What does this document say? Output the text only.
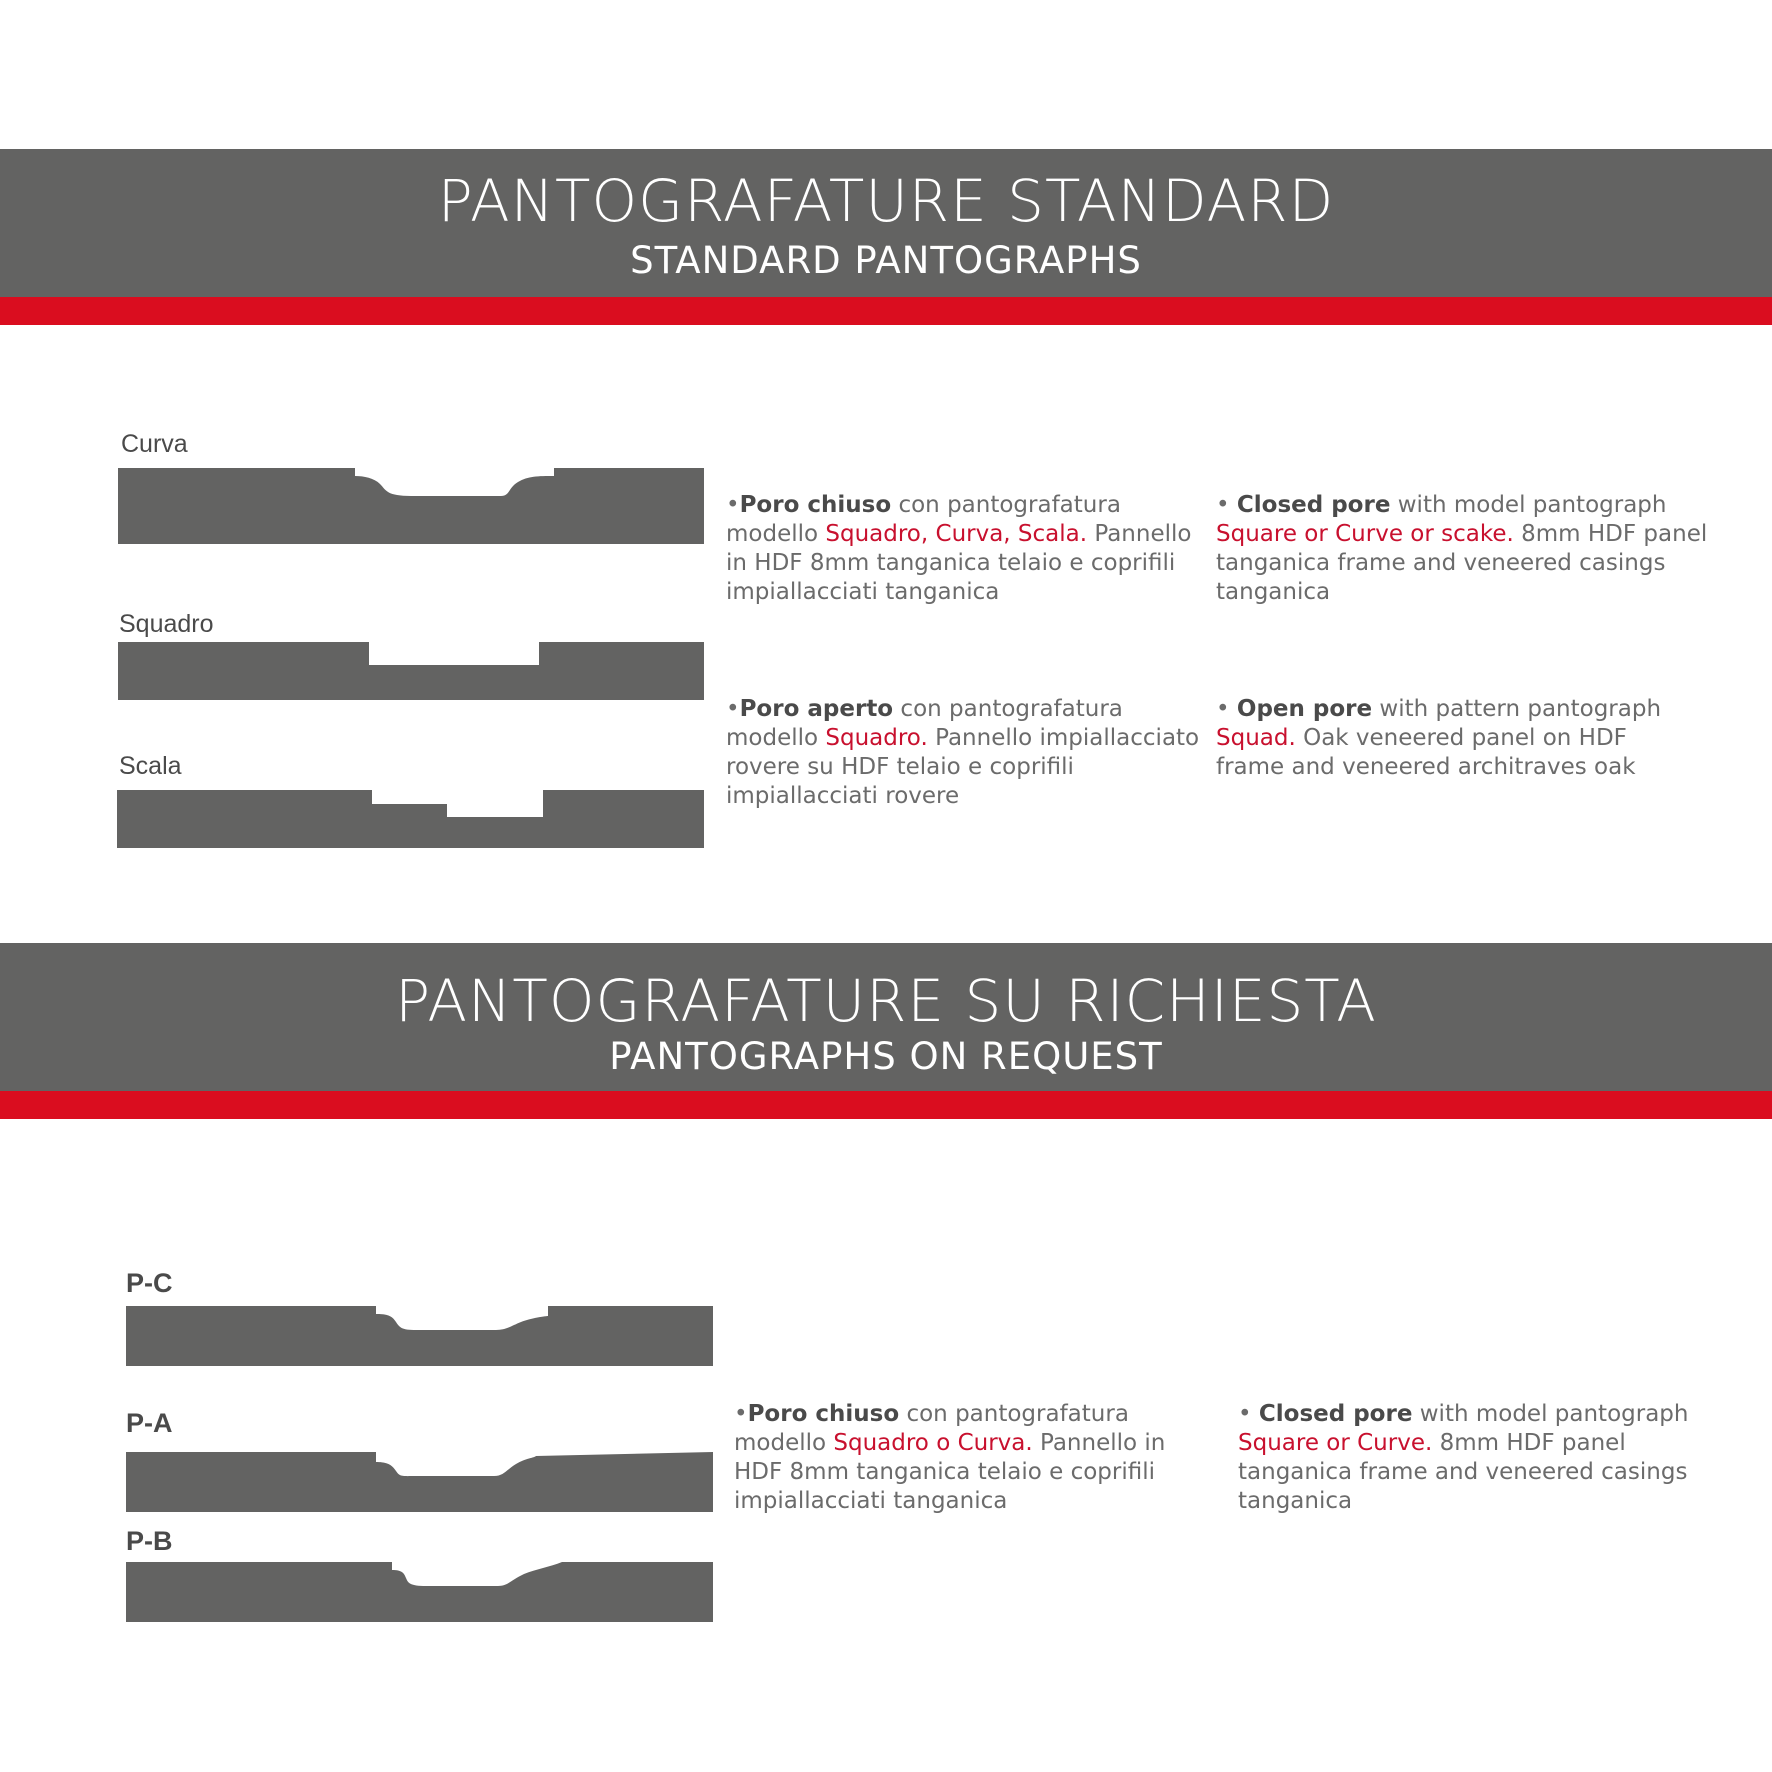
PANTOGRAFATURE STANDARD
STANDARD PANTOGRAPHS
Curva
Squadro
Scala
•Poro chiuso con pantografatura modello Squadro, Curva, Scala. Pannello in HDF 8mm tanganica telaio e coprifili impiallacciati tanganica
• Closed pore with model pantograph Square or Curve or scake. 8mm HDF panel tanganica frame and veneered casings tanganica
•Poro aperto con pantografatura modello Squadro. Pannello impiallacciato rovere su HDF telaio e coprifili impiallacciati rovere
• Open pore with pattern pantograph Squad. Oak veneered panel on HDF frame and veneered architraves oak
PANTOGRAFATURE SU RICHIESTA
PANTOGRAPHS ON REQUEST
P-C
P-A
P-B
•Poro chiuso con pantografatura modello Squadro o Curva. Pannello in HDF 8mm tanganica telaio e coprifili impiallacciati tanganica
• Closed pore with model pantograph Square or Curve. 8mm HDF panel tanganica frame and veneered casings tanganica
